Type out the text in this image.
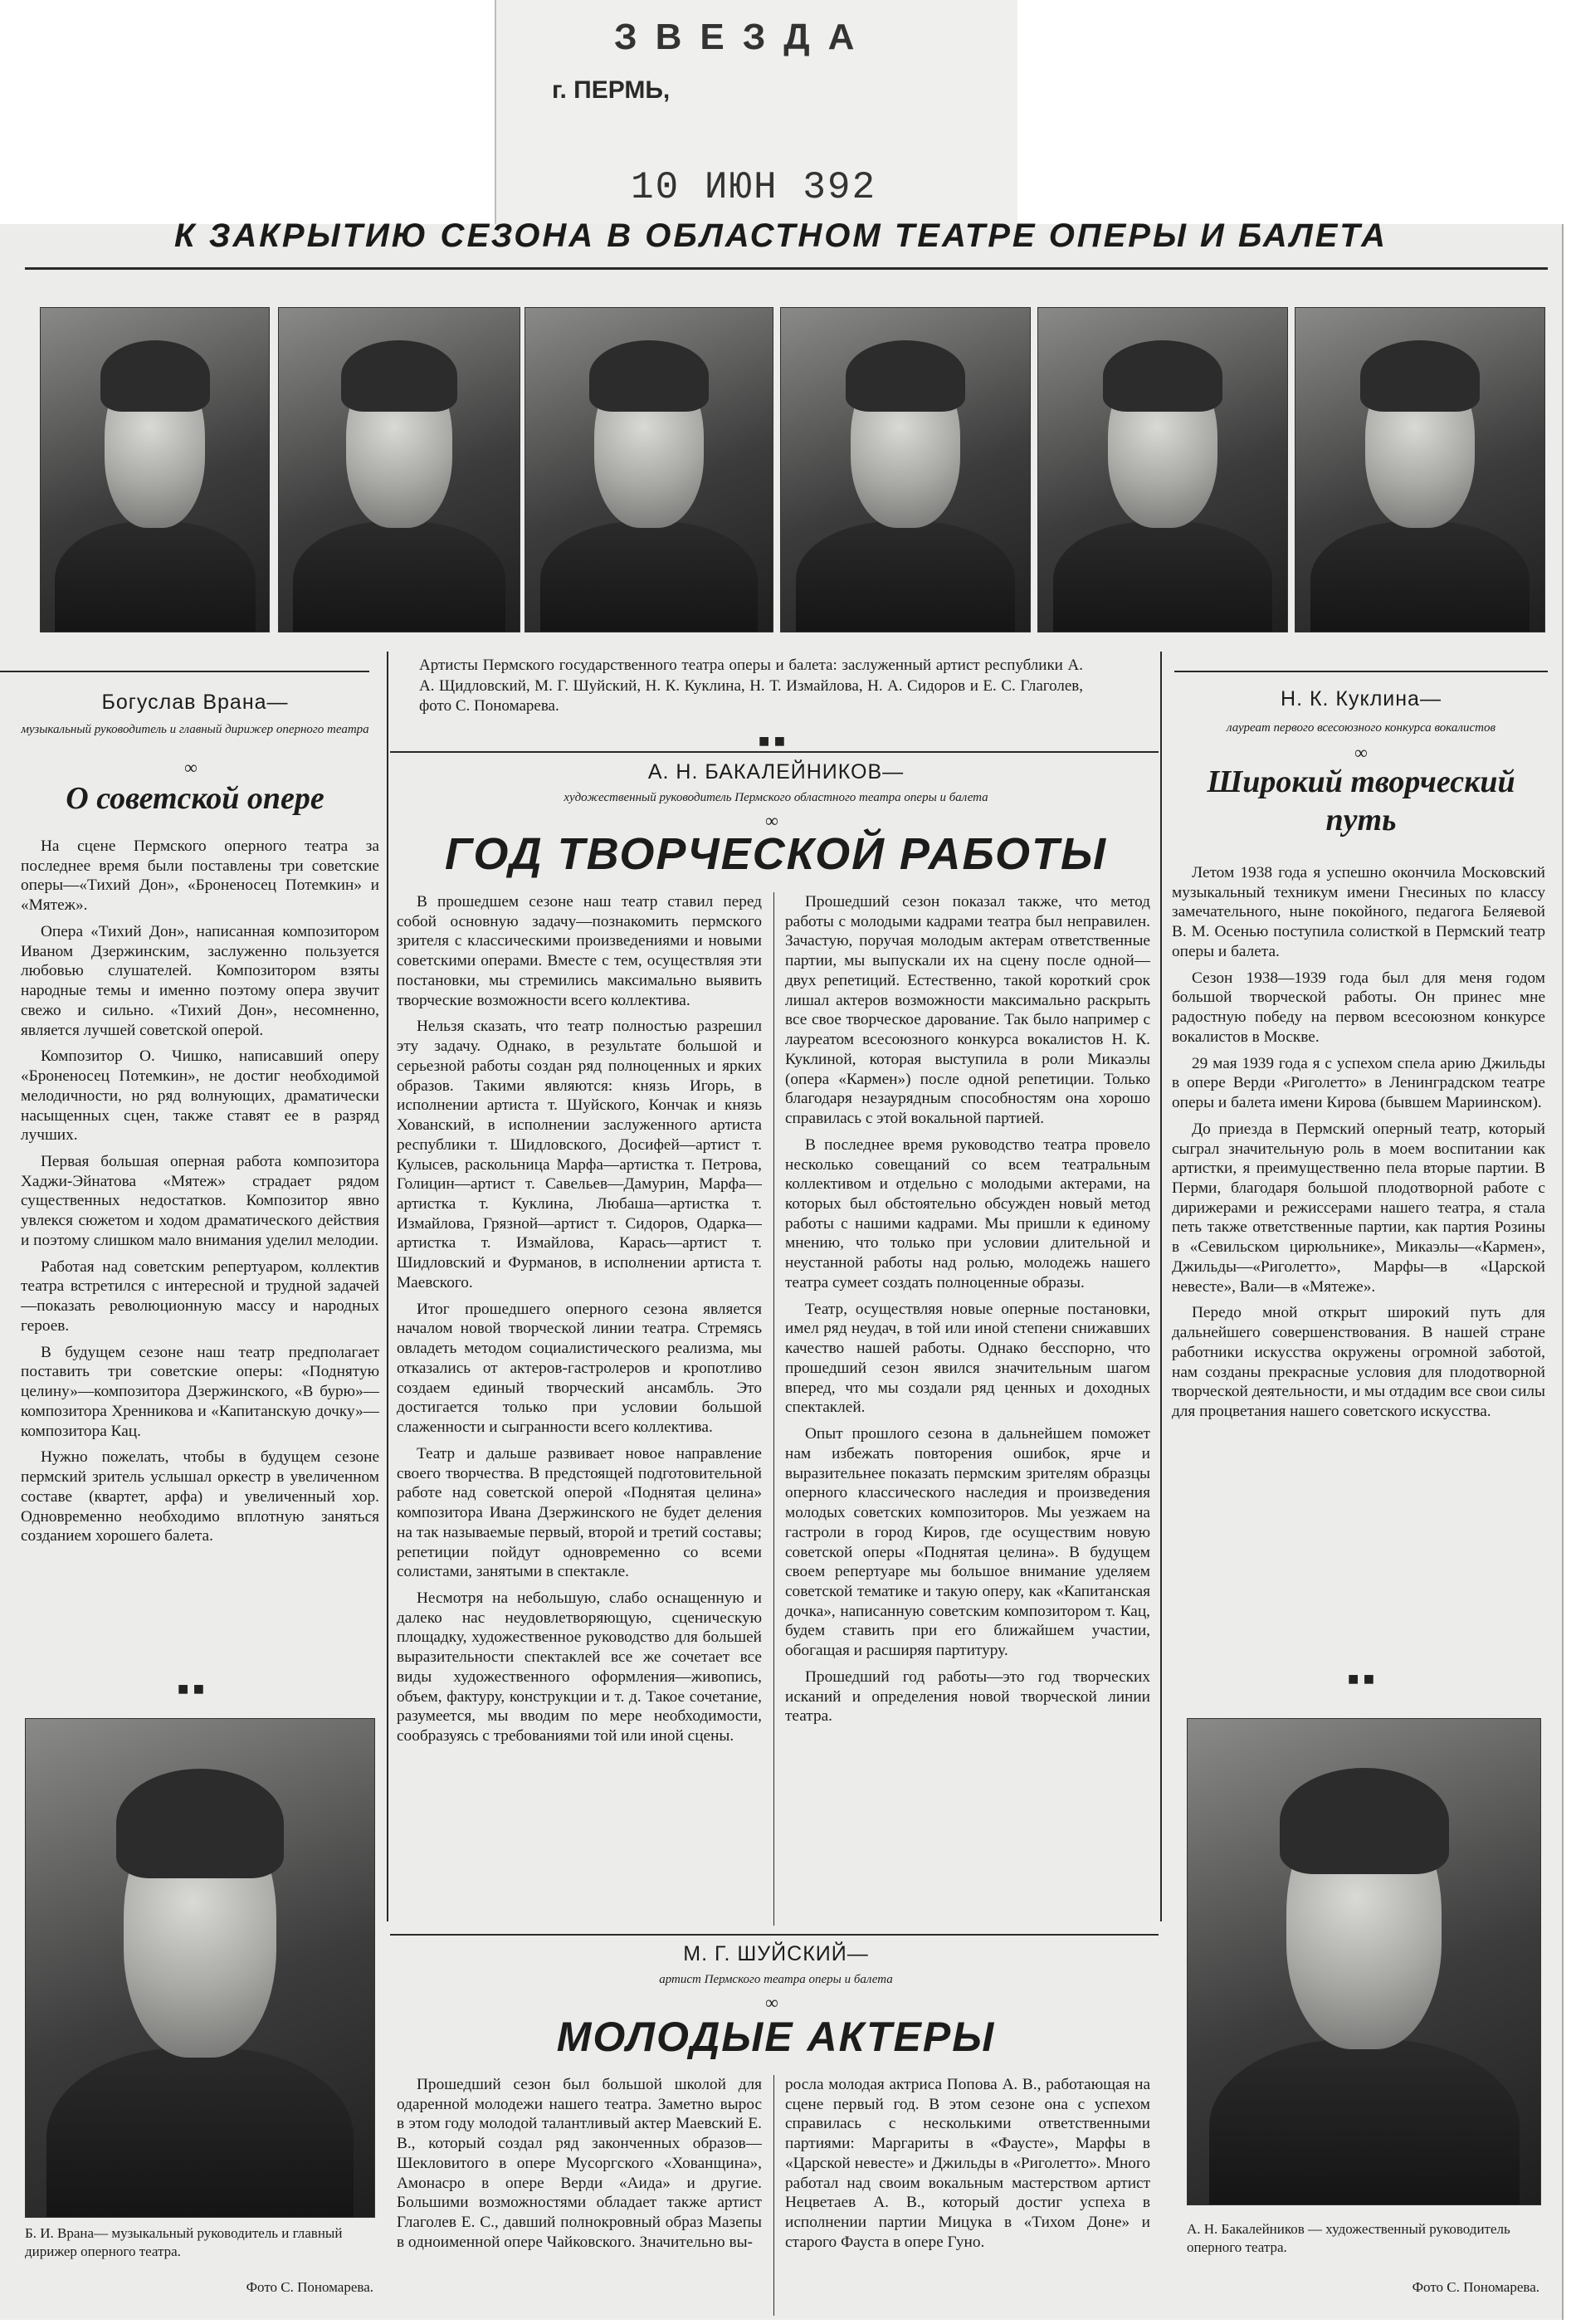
ЗВЕЗДА
г. ПЕРМЬ,
10 ИЮН 392
К ЗАКРЫТИЮ СЕЗОНА В ОБЛАСТНОМ ТЕАТРЕ ОПЕРЫ И БАЛЕТА
Артисты Пермского государственного театра оперы и балета: заслуженный артист республики А. А. Щидловский, М. Г. Шуйский, Н. К. Куклина, Н. Т. Измайлова, Н. А. Сидоров и Е. С. Глаголев, фото С. Пономарева.
Богуслав Врана—
музыкальный руководитель и главный дирижер оперного театра
∞
О советской опере

На сцене Пермского оперного театра за последнее время были поставлены три советские оперы—«Тихий Дон», «Броненосец Потемкин» и «Мятеж».

Опера «Тихий Дон», написанная композитором Иваном Дзержинским, заслуженно пользуется любовью слушателей. Композитором взяты народные темы и именно поэтому опера звучит свежо и сильно. «Тихий Дон», несомненно, является лучшей советской оперой.

Композитор О. Чишко, написавший оперу «Броненосец Потемкин», не достиг необходимой мелодичности, но ряд волнующих, драматически насыщенных сцен, также ставят ее в разряд лучших.

Первая большая оперная работа композитора Хаджи-Эйнатова «Мятеж» страдает рядом существенных недостатков. Композитор явно увлекся сюжетом и ходом драматического действия и поэтому слишком мало внимания уделил мелодии.

Работая над советским репертуаром, коллектив театра встретился с интересной и трудной задачей—показать революционную массу и народных героев.

В будущем сезоне наш театр предполагает поставить три советские оперы: «Поднятую целину»—композитора Дзержинского, «В бурю»—композитора Хренникова и «Капитанскую дочку»—композитора Кац.

Нужно пожелать, чтобы в будущем сезоне пермский зритель услышал оркестр в увеличенном составе (квартет, арфа) и увеличенный хор. Одновременно необходимо вплотную заняться созданием хорошего балета.

■ ■
Б. И. Врана— музыкальный руководитель и главный дирижер оперного театра.
Фото С. Пономарева.
■ ■
А. Н. БАКАЛЕЙНИКОВ—
художественный руководитель Пермского областного театра оперы и балета
∞
ГОД ТВОРЧЕСКОЙ РАБОТЫ

В прошедшем сезоне наш театр ставил перед собой основную задачу—познакомить пермского зрителя с классическими произведениями и новыми советскими операми. Вместе с тем, осуществляя эти постановки, мы стремились максимально выявить творческие возможности всего коллектива.

Нельзя сказать, что театр полностью разрешил эту задачу. Однако, в результате большой и серьезной работы создан ряд полноценных и ярких образов. Такими являются: князь Игорь, в исполнении артиста т. Шуйского, Кончак и князь Хованский, в исполнении заслуженного артиста республики т. Шидловского, Досифей—артист т. Кулысев, раскольница Марфа—артистка т. Петрова, Голицин—артист т. Савельев—Дамурин, Марфа—артистка т. Куклина, Любаша—артистка т. Измайлова, Грязной—артист т. Сидоров, Одарка—артистка т. Измайлова, Карась—артист т. Шидловский и Фурманов, в исполнении артиста т. Маевского.

Итог прошедшего оперного сезона является началом новой творческой линии театра. Стремясь овладеть методом социалистического реализма, мы отказались от актеров-гастролеров и кропотливо создаем единый творческий ансамбль. Это достигается только при условии большой слаженности и сыгранности всего коллектива.

Театр и дальше развивает новое направление своего творчества. В предстоящей подготовительной работе над советской оперой «Поднятая целина» композитора Ивана Дзержинского не будет деления на так называемые первый, второй и третий составы; репетиции пойдут одновременно со всеми солистами, занятыми в спектакле.

Несмотря на небольшую, слабо оснащенную и далеко нас неудовлетворяющую, сценическую площадку, художественное руководство для большей выразительности спектаклей все же сочетает все виды художественного оформления—живопись, объем, фактуру, конструкции и т. д. Такое сочетание, разумеется, мы вводим по мере необходимости, сообразуясь с требованиями той или иной сцены.

Прошедший сезон показал также, что метод работы с молодыми кадрами театра был неправилен. Зачастую, поручая молодым актерам ответственные партии, мы выпускали их на сцену после одной—двух репетиций. Естественно, такой короткий срок лишал актеров возможности максимально раскрыть все свое творческое дарование. Так было например с лауреатом всесоюзного конкурса вокалистов Н. К. Куклиной, которая выступила в роли Микаэлы (опера «Кармен») после одной репетиции. Только благодаря незаурядным способностям она хорошо справилась с этой вокальной партией.

В последнее время руководство театра провело несколько совещаний со всем театральным коллективом и отдельно с молодыми актерами, на которых был обстоятельно обсужден новый метод работы с нашими кадрами. Мы пришли к единому мнению, что только при условии длительной и неустанной работы над ролью, молодежь нашего театра сумеет создать полноценные образы.

Театр, осуществляя новые оперные постановки, имел ряд неудач, в той или иной степени снижавших качество нашей работы. Однако бесспорно, что прошедший сезон явился значительным шагом вперед, что мы создали ряд ценных и доходных спектаклей.

Опыт прошлого сезона в дальнейшем поможет нам избежать повторения ошибок, ярче и выразительнее показать пермским зрителям образцы оперного классического наследия и произведения молодых советских композиторов. Мы уезжаем на гастроли в город Киров, где осуществим новую советской оперы «Поднятая целина». В будущем своем репертуаре мы большое внимание уделяем советской тематике и такую оперу, как «Капитанская дочка», написанную советским композитором т. Кац, будем ставить при его ближайшем участии, обогащая и расширяя партитуру.

Прошедший год работы—это год творческих исканий и определения новой творческой линии театра.

М. Г. ШУЙСКИЙ—
артист Пермского театра оперы и балета
∞
МОЛОДЫЕ АКТЕРЫ

Прошедший сезон был большой школой для одаренной молодежи нашего театра. Заметно вырос в этом году молодой талантливый актер Маевский Е. В., который создал ряд законченных образов—Шекловитого в опере Мусоргского «Хованщина», Амонасро в опере Верди «Аида» и другие. Большими возможностями обладает также артист Глаголев Е. С., давший полнокровный образ Мазепы в одноименной опере Чайковского. Значительно вы-

росла молодая актриса Попова А. В., работающая на сцене первый год. В этом сезоне она с успехом справилась с несколькими ответственными партиями: Маргариты в «Фаусте», Марфы в «Царской невесте» и Джильды в «Риголетто». Много работал над своим вокальным мастерством артист Нецветаев А. В., который достиг успеха в исполнении партии Мицука в «Тихом Доне» и старого Фауста в опере Гуно.

Н. К. Куклина—
лауреат первого всесоюзного конкурса вокалистов
∞
Широкий творческий путь

Летом 1938 года я успешно окончила Московский музыкальный техникум имени Гнесиных по классу замечательного, ныне покойного, педагога Беляевой В. М. Осенью поступила солисткой в Пермский театр оперы и балета.

Сезон 1938—1939 года был для меня годом большой творческой работы. Он принес мне радостную победу на первом всесоюзном конкурсе вокалистов в Москве.

29 мая 1939 года я с успехом спела арию Джильды в опере Верди «Риголетто» в Ленинградском театре оперы и балета имени Кирова (бывшем Мариинском).

До приезда в Пермский оперный театр, который сыграл значительную роль в моем воспитании как артистки, я преимущественно пела вторые партии. В Перми, благодаря большой плодотворной работе с дирижерами и режиссерами нашего театра, я стала петь также ответственные партии, как партия Розины в «Севильском цирюльнике», Микаэлы—«Кармен», Джильды—«Риголетто», Марфы—в «Царской невесте», Вали—в «Мятеже».

Передо мной открыт широкий путь для дальнейшего совершенствования. В нашей стране работники искусства окружены огромной заботой, нам созданы прекрасные условия для плодотворной творческой деятельности, и мы отдадим все свои силы для процветания нашего советского искусства.

■ ■
А. Н. Бакалейников — художественный руководитель оперного театра.
Фото С. Пономарева.
